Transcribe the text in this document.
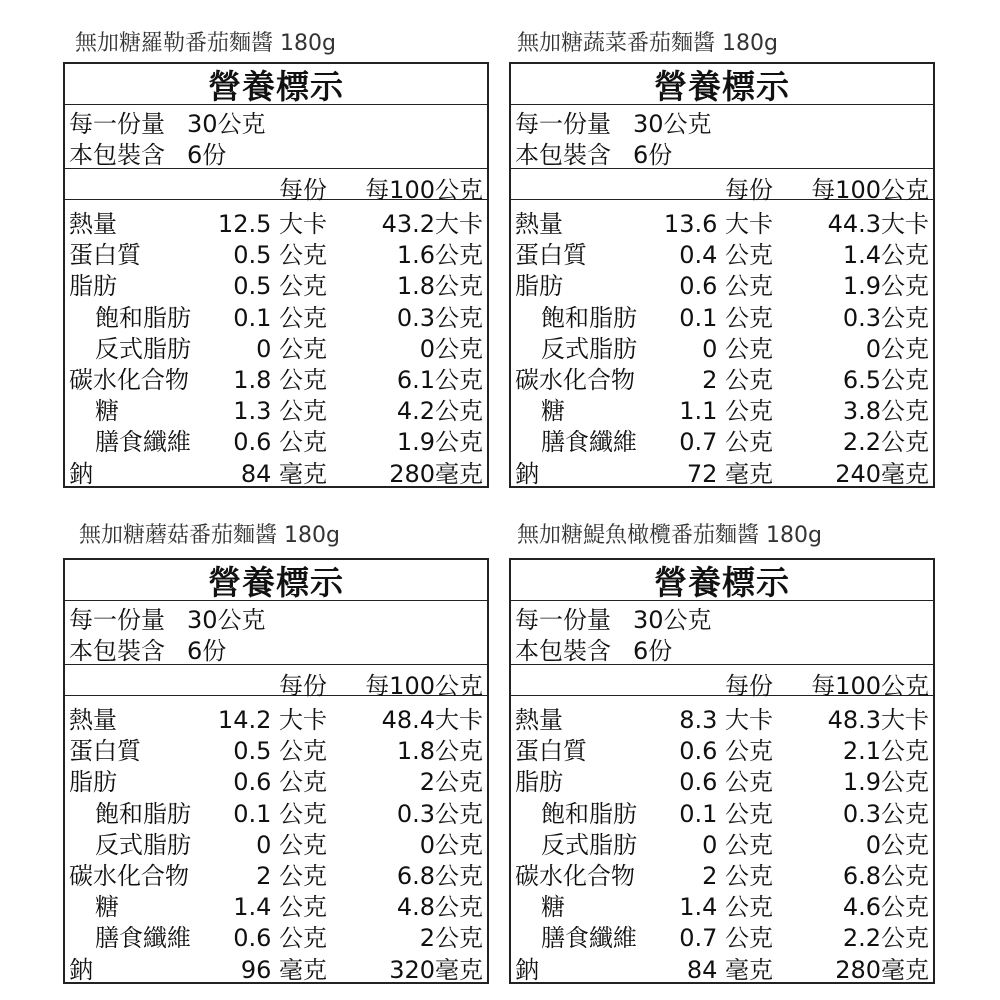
無加糖羅勒番茄麵醬 180g
營養標示
每一份量 30公克
本包裝含 6份
每份 每100公克
熱量	12.5 大卡 43.2大卡
蛋白質	0.5 公克	1.6公克
脂肪	0.5 公克	1.8公克
飽和脂肪 0.1 公克	0.3公克
反式脂肪	0 公克	0公克
碳水化合物 1.8 公克	6.1公克
糖	1.3 公克	4.2公克
膳食纖維 0.6 公克	1.9公克
鈉	84 毫克	280毫克
無加糖蔬菜番茄麵醬 180g
營養標示
每一份量 30公克
本包裝含 6份
每份 每100公克
熱量	13.6 大卡 44.3大卡
蛋白質	0.4 公克	1.4公克
脂肪	0.6 公克	1.9公克
飽和脂肪 0.1 公克	0.3公克
反式脂肪	0 公克	0公克
碳水化合物	2 公克	6.5公克
糖	1.1 公克	3.8公克
膳食纖維 0.7 公克	2.2公克
鈉	72 毫克	240毫克
無加糖蘑菇番茄麵醬 180g
營養標示
每一份量 30公克
本包裝含 6份
每份 每100公克
熱量	14.2 大卡 48.4大卡
蛋白質	0.5 公克	1.8公克
脂肪	0.6 公克	2公克
飽和脂肪 0.1 公克	0.3公克
反式脂肪	0 公克	0公克
碳水化合物	2 公克	6.8公克
糖	1.4 公克	4.8公克
膳食纖維 0.6 公克	2公克
鈉	96 毫克	320毫克
無加糖鯷魚橄欖番茄麵醬 180g
營養標示
每一份量 30公克
本包裝含 6份
每份 每100公克
熱量	8.3 大卡 48.3大卡
蛋白質	0.6 公克	2.1公克
脂肪	0.6 公克	1.9公克
飽和脂肪 0.1 公克	0.3公克
反式脂肪	0 公克	0公克
碳水化合物	2 公克	6.8公克
糖	1.4 公克	4.6公克
膳食纖維 0.7 公克	2.2公克
鈉	84 毫克	280毫克
